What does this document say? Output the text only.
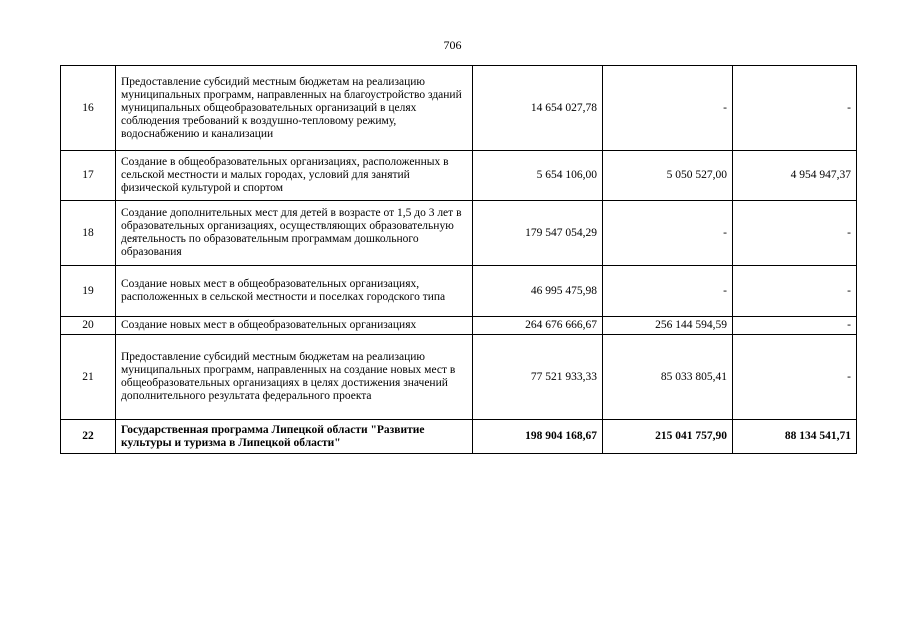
706
16	Предоставление субсидий местным бюджетам на реализацию муниципальных программ, направленных на благоустройство зданий муниципальных общеобразовательных организаций в целях соблюдения требований к воздушно-тепловому режиму, водоснабжению и канализации	14 654 027,78	-	-
17	Создание в общеобразовательных организациях, расположенных в сельской местности и малых городах, условий для занятий физической культурой и спортом	5 654 106,00	5 050 527,00	4 954 947,37
18	Создание дополнительных мест для детей в возрасте от 1,5 до 3 лет в образовательных организациях, осуществляющих образовательную деятельность по образовательным программам дошкольного образования	179 547 054,29	-	-
19	Создание новых мест в общеобразовательных организациях, расположенных в сельской местности и поселках городского типа	46 995 475,98	-	-
20	Создание новых мест в общеобразовательных организациях	264 676 666,67	256 144 594,59	-
21	Предоставление субсидий местным бюджетам на реализацию муниципальных программ, направленных на создание новых мест в общеобразовательных организациях в целях достижения значений дополнительного результата федерального проекта	77 521 933,33	85 033 805,41	-
22	Государственная программа Липецкой области "Развитие культуры и туризма в Липецкой области"	198 904 168,67	215 041 757,90	88 134 541,71
